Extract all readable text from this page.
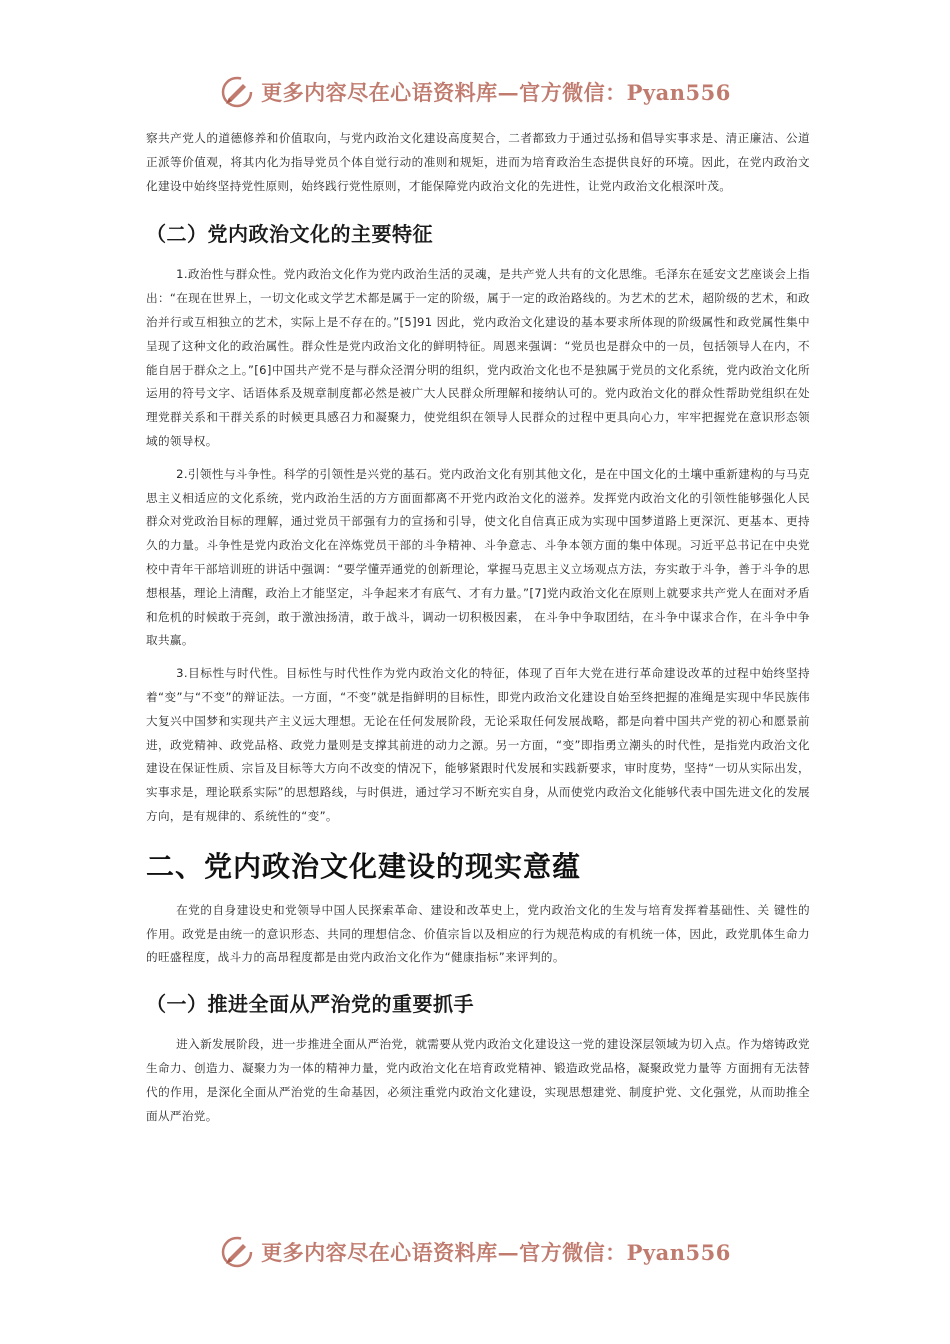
更多内容尽在心语资料库—官方微信：Pyan556

察共产党人的道德修养和价值取向，与党内政治文化建设高度契合，二者都致力于通过弘扬和倡导实事求是、清正廉洁、公道正派等价值观，将其内化为指导党员个体自觉行动的准则和规矩，进而为培育政治生态提供良好的环境。因此，在党内政治文化建设中始终坚持党性原则，始终践行党性原则，才能保障党内政治文化的先进性，让党内政治文化根深叶茂。

（二）党内政治文化的主要特征

1.政治性与群众性。党内政治文化作为党内政治生活的灵魂，是共产党人共有的文化思维。毛泽东在延安文艺座谈会上指出：“在现在世界上，一切文化或文学艺术都是属于一定的阶级，属于一定的政治路线的。为艺术的艺术，超阶级的艺术，和政治并行或互相独立的艺术，实际上是不存在的。”[5]91 因此，党内政治文化建设的基本要求所体现的阶级属性和政党属性集中呈现了这种文化的政治属性。群众性是党内政治文化的鲜明特征。周恩来强调：“党员也是群众中的一员，包括领导人在内，不能自居于群众之上。”[6]中国共产党不是与群众泾渭分明的组织，党内政治文化也不是独属于党员的文化系统，党内政治文化所运用的符号文字、话语体系及规章制度都必然是被广大人民群众所理解和接纳认可的。党内政治文化的群众性帮助党组织在处理党群关系和干群关系的时候更具感召力和凝聚力，使党组织在领导人民群众的过程中更具向心力，牢牢把握党在意识形态领域的领导权。

2.引领性与斗争性。科学的引领性是兴党的基石。党内政治文化有别其他文化，是在中国文化的土壤中重新建构的与马克思主义相适应的文化系统，党内政治生活的方方面面都离不开党内政治文化的滋养。发挥党内政治文化的引领性能够强化人民群众对党政治目标的理解，通过党员干部强有力的宣扬和引导，使文化自信真正成为实现中国梦道路上更深沉、更基本、更持久的力量。斗争性是党内政治文化在淬炼党员干部的斗争精神、斗争意志、斗争本领方面的集中体现。习近平总书记在中央党校中青年干部培训班的讲话中强调：“要学懂弄通党的创新理论，掌握马克思主义立场观点方法，夯实敢于斗争，善于斗争的思想根基，理论上清醒，政治上才能坚定，斗争起来才有底气、才有力量。”[7]党内政治文化在原则上就要求共产党人在面对矛盾和危机的时候敢于亮剑，敢于激浊扬清，敢于战斗，调动一切积极因素， 在斗争中争取团结，在斗争中谋求合作，在斗争中争取共赢。

3.目标性与时代性。目标性与时代性作为党内政治文化的特征，体现了百年大党在进行革命建设改革的过程中始终坚持着“变”与“不变”的辩证法。一方面，“不变”就是指鲜明的目标性，即党内政治文化建设自始至终把握的准绳是实现中华民族伟大复兴中国梦和实现共产主义远大理想。无论在任何发展阶段，无论采取任何发展战略，都是向着中国共产党的初心和愿景前进，政党精神、政党品格、政党力量则是支撑其前进的动力之源。另一方面，“变”即指勇立潮头的时代性，是指党内政治文化建设在保证性质、宗旨及目标等大方向不改变的情况下，能够紧跟时代发展和实践新要求，审时度势，坚持“一切从实际出发，实事求是，理论联系实际”的思想路线，与时俱进，通过学习不断充实自身，从而使党内政治文化能够代表中国先进文化的发展方向，是有规律的、系统性的“变”。

二、党内政治文化建设的现实意蕴

在党的自身建设史和党领导中国人民探索革命、建设和改革史上，党内政治文化的生发与培育发挥着基础性、关 键性的作用。政党是由统一的意识形态、共同的理想信念、价值宗旨以及相应的行为规范构成的有机统一体，因此，政党肌体生命力的旺盛程度，战斗力的高昂程度都是由党内政治文化作为“健康指标”来评判的。

（一）推进全面从严治党的重要抓手

进入新发展阶段，进一步推进全面从严治党，就需要从党内政治文化建设这一党的建设深层领域为切入点。作为熔铸政党生命力、创造力、凝聚力为一体的精神力量，党内政治文化在培育政党精神、锻造政党品格，凝聚政党力量等 方面拥有无法替代的作用，是深化全面从严治党的生命基因，必须注重党内政治文化建设，实现思想建党、制度护党、文化强党，从而助推全面从严治党。

更多内容尽在心语资料库—官方微信：Pyan556
